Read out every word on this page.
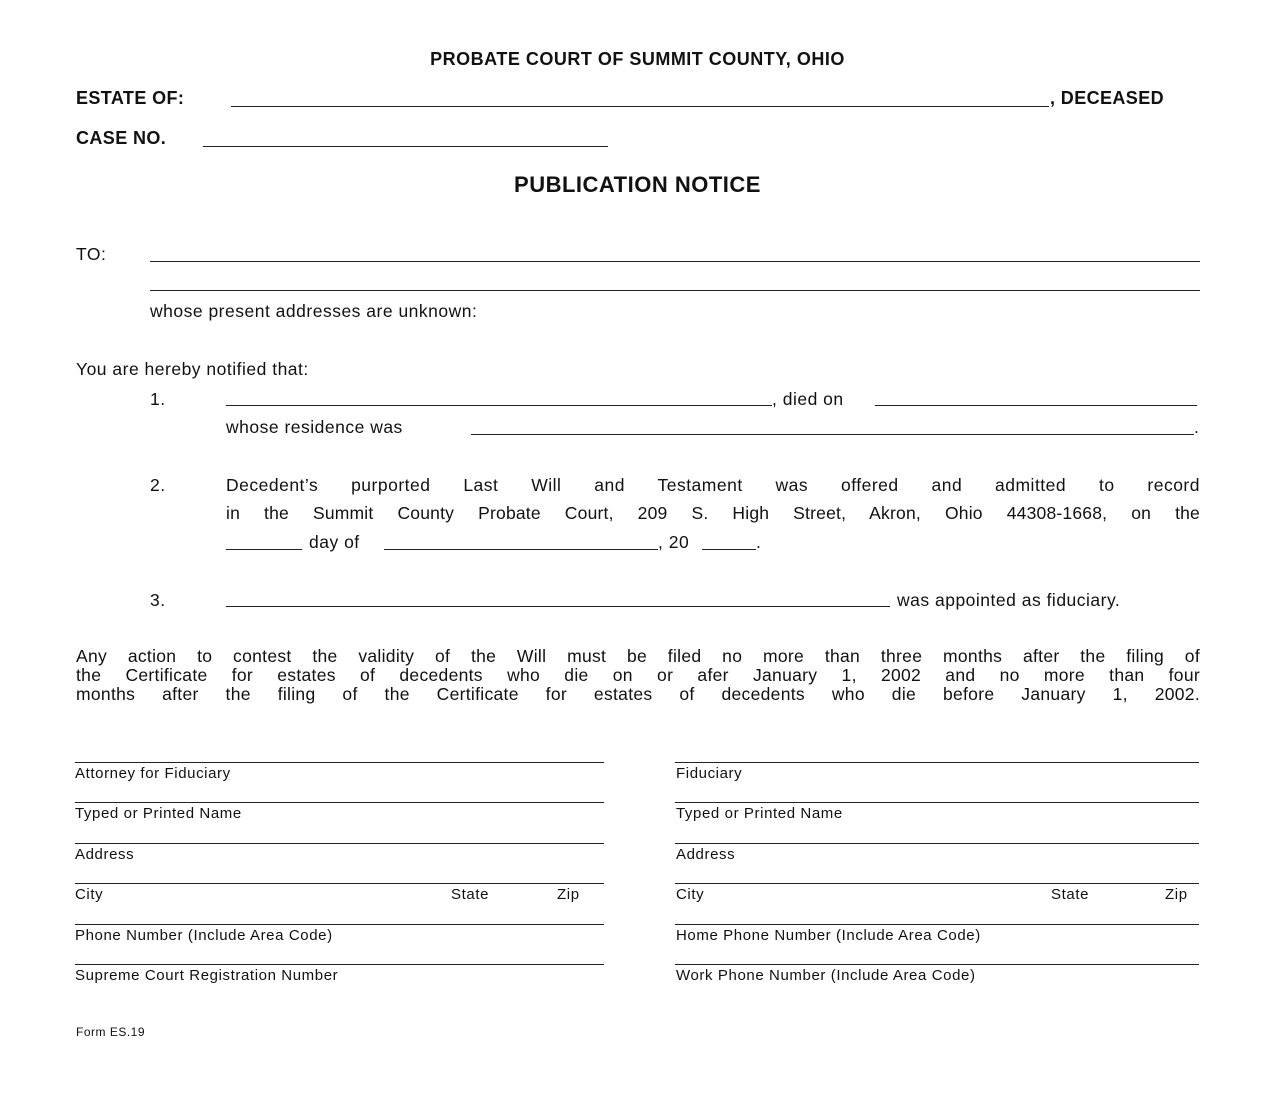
PROBATE COURT OF SUMMIT COUNTY, OHIO
ESTATE OF:	, DECEASED
CASE NO.
PUBLICATION NOTICE
TO:
whose present addresses are unknown:
You are hereby notified that:
1.	, died on
whose residence was	.
2.	Decedent’s purported Last Will and Testament was offered and admitted to record
in the Summit County Probate Court, 209 S. High Street, Akron, Ohio 44308-1668, on the
day of	, 20	.
3.	was appointed as fiduciary.
Any action to contest the validity of the Will must be filed no more than three months after the filing of
the Certificate for estates of decedents who die on or afer January 1, 2002 and no more than four
months after the filing of the Certificate for estates of decedents who die before January 1, 2002.
Attorney for Fiduciary
Typed or Printed Name
Address
City	State	Zip
Phone Number (Include Area Code)
Supreme Court Registration Number
Fiduciary
Typed or Printed Name
Address
City	State	Zip
Home Phone Number (Include Area Code)
Work Phone Number (Include Area Code)
Form ES.19
